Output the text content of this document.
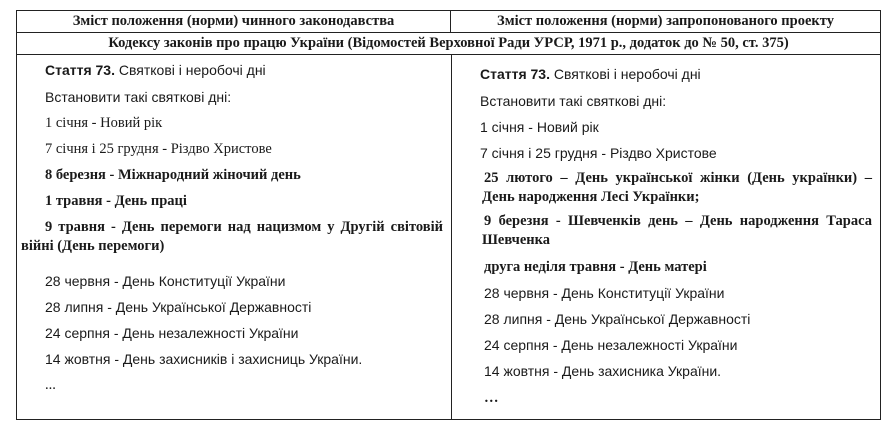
Зміст положення (норми) чинного законодавства	Зміст положення (норми) запропонованого проекту
Кодексу законів про працю України (Відомостей Верховної Ради УРСР, 1971 р., додаток до № 50, ст. 375)
Стаття 73. Святкові і неробочі дні
Встановити такі святкові дні:
1 січня - Новий рік
7 січня і 25 грудня - Різдво Христове
8 березня - Міжнародний жіночий день
1 травня - День праці
9 травня - День перемоги над нацизмом у Другій світовій війні (День перемоги)
28 червня - День Конституції України
28 липня - День Української Державності
24 серпня - День незалежності України
14 жовтня - День захисників і захисниць України.
...
Стаття 73. Святкові і неробочі дні
Встановити такі святкові дні:
1 січня - Новий рік
7 січня і 25 грудня - Різдво Христове
25 лютого – День української жінки (День українки) – День народження Лесі Українки;
9 березня - Шевченків день – День народження Тараса Шевченка
друга неділя травня - День матері
28 червня - День Конституції України
28 липня - День Української Державності
24 серпня - День незалежності України
14 жовтня - День захисника України.
…
